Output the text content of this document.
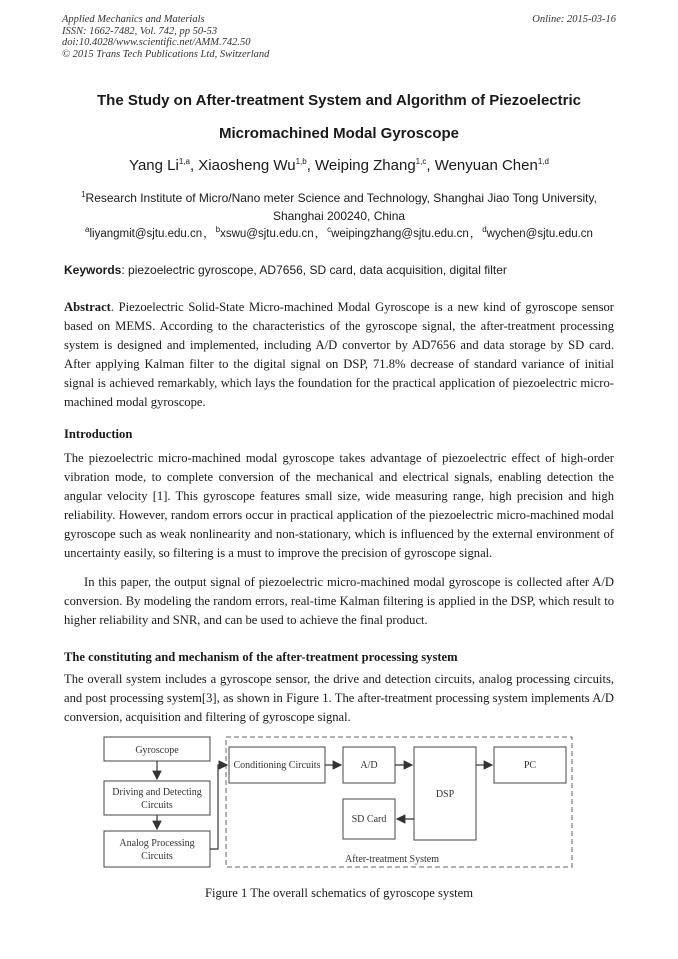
Applied Mechanics and Materials
ISSN: 1662-7482, Vol. 742, pp 50-53
doi:10.4028/www.scientific.net/AMM.742.50
© 2015 Trans Tech Publications Ltd, Switzerland
Online: 2015-03-16
The Study on After-treatment System and Algorithm of Piezoelectric
Micromachined Modal Gyroscope
Yang Li$^{1,a}$, Xiaosheng Wu$^{1,b}$, Weiping Zhang$^{1,c}$, Wenyuan Chen$^{1,d}$
$^1$Research Institute of Micro/Nano meter Science and Technology, Shanghai Jiao Tong University,
Shanghai 200240, China
$^a$liyangmit@sjtu.edu.cn，$^b$xswu@sjtu.edu.cn，$^c$weipingzhang@sjtu.edu.cn，$^d$wychen@sjtu.edu.cn
Keywords: piezoelectric gyroscope, AD7656, SD card, data acquisition, digital filter
Abstract. Piezoelectric Solid-State Micro-machined Modal Gyroscope is a new kind of gyroscope sensor based on MEMS. According to the characteristics of the gyroscope signal, the after-treatment processing system is designed and implemented, including A/D convertor by AD7656 and data storage by SD card. After applying Kalman filter to the digital signal on DSP, 71.8% decrease of standard variance of initial signal is achieved remarkably, which lays the foundation for the practical application of piezoelectric micro-machined modal gyroscope.
Introduction
The piezoelectric micro-machined modal gyroscope takes advantage of piezoelectric effect of high-order vibration mode, to complete conversion of the mechanical and electrical signals, enabling detection the angular velocity [1]. This gyroscope features small size, wide measuring range, high precision and high reliability. However, random errors occur in practical application of the piezoelectric micro-machined modal gyroscope such as weak nonlinearity and non-stationary, which is influenced by the external environment of uncertainty easily, so filtering is a must to improve the precision of gyroscope signal.
In this paper, the output signal of piezoelectric micro-machined modal gyroscope is collected after A/D conversion. By modeling the random errors, real-time Kalman filtering is applied in the DSP, which result to higher reliability and SNR, and can be used to achieve the final product.
The constituting and mechanism of the after-treatment processing system
The overall system includes a gyroscope sensor, the drive and detection circuits, analog processing circuits, and post processing system[3], as shown in Figure 1. The after-treatment processing system implements A/D conversion, acquisition and filtering of gyroscope signal.
Gyroscope
Driving and Detecting
Circuits
Analog Processing
Circuits
Conditioning Circuits	A/D
DSP
PC
SD Card
After-treatment System
Figure 1 The overall schematics of gyroscope system
